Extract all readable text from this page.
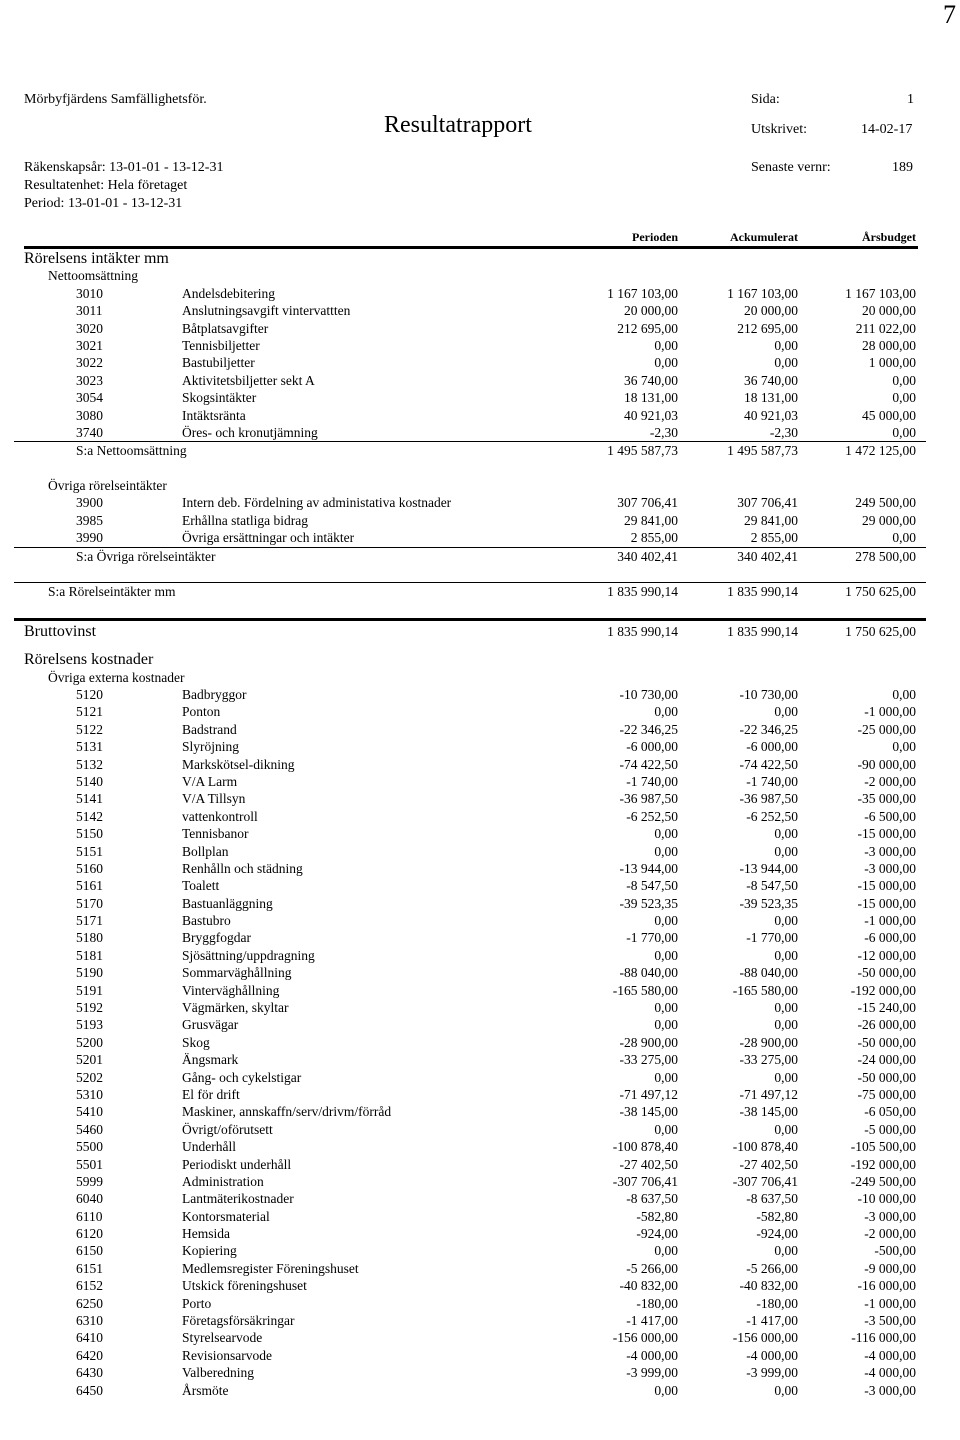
7
Mörbyfjärdens Samfällighetsför.
Resultatrapport
Sida:	1
Utskrivet:	14-02-17
Räkenskapsår: 13-01-01 - 13-12-31
Resultatenhet: Hela företaget
Period: 13-01-01 - 13-12-31
Senaste vernr:	189
Perioden	Ackumulerat	Årsbudget
Rörelsens intäkter mm
Nettoomsättning
3010	Andelsdebitering	1 167 103,00	1 167 103,00	1 167 103,00
3011	Anslutningsavgift vintervattten	20 000,00	20 000,00	20 000,00
3020	Båtplatsavgifter	212 695,00	212 695,00	211 022,00
3021	Tennisbiljetter	0,00	0,00	28 000,00
3022	Bastubiljetter	0,00	0,00	1 000,00
3023	Aktivitetsbiljetter sekt A	36 740,00	36 740,00	0,00
3054	Skogsintäkter	18 131,00	18 131,00	0,00
3080	Intäktsränta	40 921,03	40 921,03	45 000,00
3740	Öres- och kronutjämning	-2,30	-2,30	0,00
S:a Nettoomsättning	1 495 587,73	1 495 587,73	1 472 125,00
Övriga rörelseintäkter
3900	Intern deb. Fördelning av administativa kostnader	307 706,41	307 706,41	249 500,00
3985	Erhållna statliga bidrag	29 841,00	29 841,00	29 000,00
3990	Övriga ersättningar och intäkter	2 855,00	2 855,00	0,00
S:a Övriga rörelseintäkter	340 402,41	340 402,41	278 500,00
S:a Rörelseintäkter mm	1 835 990,14	1 835 990,14	1 750 625,00
Bruttovinst	1 835 990,14	1 835 990,14	1 750 625,00
Rörelsens kostnader
Övriga externa kostnader
5120	Badbryggor	-10 730,00	-10 730,00	0,00
5121	Ponton	0,00	0,00	-1 000,00
5122	Badstrand	-22 346,25	-22 346,25	-25 000,00
5131	Slyröjning	-6 000,00	-6 000,00	0,00
5132	Markskötsel-dikning	-74 422,50	-74 422,50	-90 000,00
5140	V/A Larm	-1 740,00	-1 740,00	-2 000,00
5141	V/A Tillsyn	-36 987,50	-36 987,50	-35 000,00
5142	vattenkontroll	-6 252,50	-6 252,50	-6 500,00
5150	Tennisbanor	0,00	0,00	-15 000,00
5151	Bollplan	0,00	0,00	-3 000,00
5160	Renhålln och städning	-13 944,00	-13 944,00	-3 000,00
5161	Toalett	-8 547,50	-8 547,50	-15 000,00
5170	Bastuanläggning	-39 523,35	-39 523,35	-15 000,00
5171	Bastubro	0,00	0,00	-1 000,00
5180	Bryggfogdar	-1 770,00	-1 770,00	-6 000,00
5181	Sjösättning/uppdragning	0,00	0,00	-12 000,00
5190	Sommarväghållning	-88 040,00	-88 040,00	-50 000,00
5191	Vinterväghållning	-165 580,00	-165 580,00	-192 000,00
5192	Vägmärken, skyltar	0,00	0,00	-15 240,00
5193	Grusvägar	0,00	0,00	-26 000,00
5200	Skog	-28 900,00	-28 900,00	-50 000,00
5201	Ängsmark	-33 275,00	-33 275,00	-24 000,00
5202	Gång- och cykelstigar	0,00	0,00	-50 000,00
5310	El för drift	-71 497,12	-71 497,12	-75 000,00
5410	Maskiner, annskaffn/serv/drivm/förråd	-38 145,00	-38 145,00	-6 050,00
5460	Övrigt/oförutsett	0,00	0,00	-5 000,00
5500	Underhåll	-100 878,40	-100 878,40	-105 500,00
5501	Periodiskt underhåll	-27 402,50	-27 402,50	-192 000,00
5999	Administration	-307 706,41	-307 706,41	-249 500,00
6040	Lantmäterikostnader	-8 637,50	-8 637,50	-10 000,00
6110	Kontorsmaterial	-582,80	-582,80	-3 000,00
6120	Hemsida	-924,00	-924,00	-2 000,00
6150	Kopiering	0,00	0,00	-500,00
6151	Medlemsregister Föreningshuset	-5 266,00	-5 266,00	-9 000,00
6152	Utskick föreningshuset	-40 832,00	-40 832,00	-16 000,00
6250	Porto	-180,00	-180,00	-1 000,00
6310	Företagsförsäkringar	-1 417,00	-1 417,00	-3 500,00
6410	Styrelsearvode	-156 000,00	-156 000,00	-116 000,00
6420	Revisionsarvode	-4 000,00	-4 000,00	-4 000,00
6430	Valberedning	-3 999,00	-3 999,00	-4 000,00
6450	Årsmöte	0,00	0,00	-3 000,00
